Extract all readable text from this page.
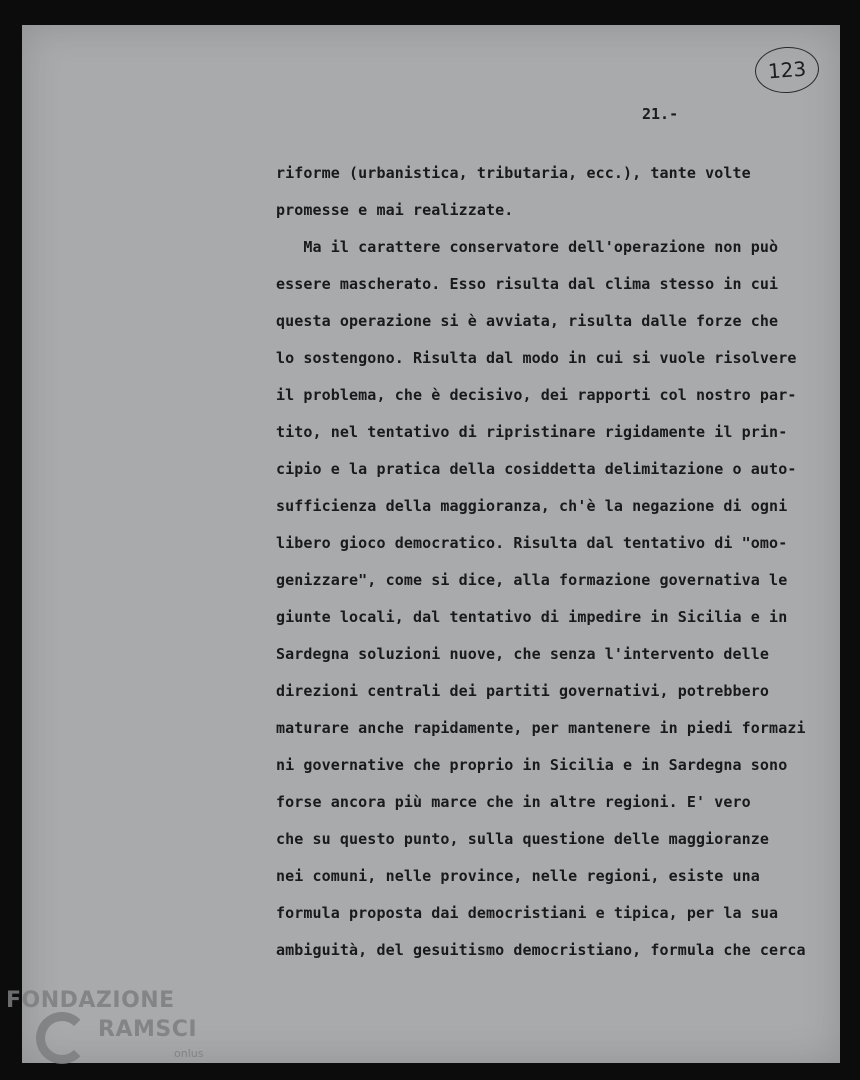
123
21.-
riforme (urbanistica, tributaria, ecc.), tante volte
promesse e mai realizzate.
Ma il carattere conservatore dell'operazione non può
essere mascherato. Esso risulta dal clima stesso in cui
questa operazione si è avviata, risulta dalle forze che
lo sostengono. Risulta dal modo in cui si vuole risolvere
il problema, che è decisivo, dei rapporti col nostro par-
tito, nel tentativo di ripristinare rigidamente il prin-
cipio e la pratica della cosiddetta delimitazione o auto-
sufficienza della maggioranza, ch'è la negazione di ogni
libero gioco democratico. Risulta dal tentativo di "omo-
genizzare", come si dice, alla formazione governativa le
giunte locali, dal tentativo di impedire in Sicilia e in
Sardegna soluzioni nuove, che senza l'intervento delle
direzioni centrali dei partiti governativi, potrebbero
maturare anche rapidamente, per mantenere in piedi formazi
ni governative che proprio in Sicilia e in Sardegna sono
forse ancora più marce che in altre regioni. E' vero
che su questo punto, sulla questione delle maggioranze
nei comuni, nelle province, nelle regioni, esiste una
formula proposta dai democristiani e tipica, per la sua
ambiguità, del gesuitismo democristiano, formula che cerca
FONDAZIONE
RAMSCI
onlus
